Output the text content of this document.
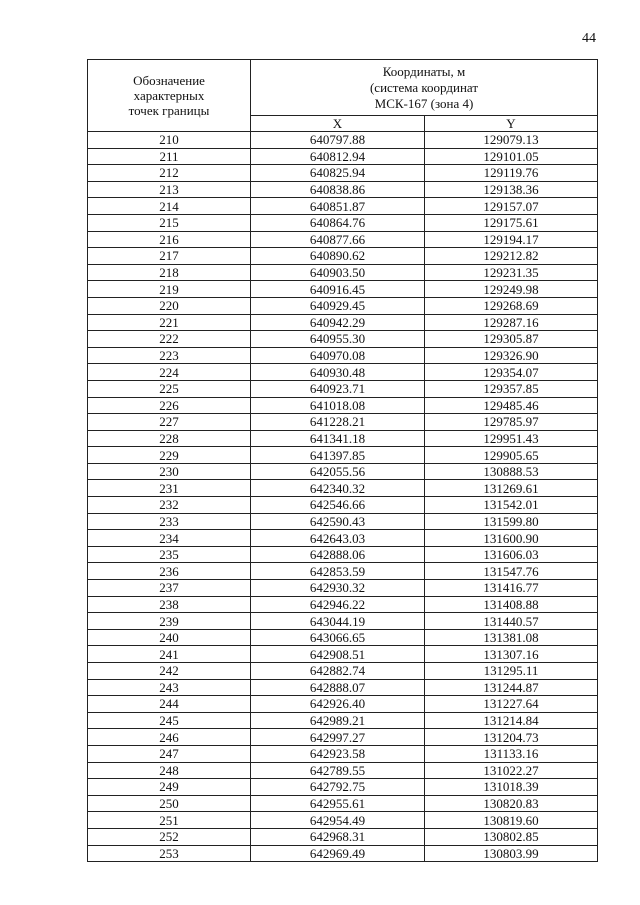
44
Обозначение
характерных
точек границы	Координаты, м
(система координат
МСК-167 (зона 4)	

	X	Y
210	640797.88	129079.13
211	640812.94	129101.05
212	640825.94	129119.76
213	640838.86	129138.36
214	640851.87	129157.07
215	640864.76	129175.61
216	640877.66	129194.17
217	640890.62	129212.82
218	640903.50	129231.35
219	640916.45	129249.98
220	640929.45	129268.69
221	640942.29	129287.16
222	640955.30	129305.87
223	640970.08	129326.90
224	640930.48	129354.07
225	640923.71	129357.85
226	641018.08	129485.46
227	641228.21	129785.97
228	641341.18	129951.43
229	641397.85	129905.65
230	642055.56	130888.53
231	642340.32	131269.61
232	642546.66	131542.01
233	642590.43	131599.80
234	642643.03	131600.90
235	642888.06	131606.03
236	642853.59	131547.76
237	642930.32	131416.77
238	642946.22	131408.88
239	643044.19	131440.57
240	643066.65	131381.08
241	642908.51	131307.16
242	642882.74	131295.11
243	642888.07	131244.87
244	642926.40	131227.64
245	642989.21	131214.84
246	642997.27	131204.73
247	642923.58	131133.16
248	642789.55	131022.27
249	642792.75	131018.39
250	642955.61	130820.83
251	642954.49	130819.60
252	642968.31	130802.85
253	642969.49	130803.99
